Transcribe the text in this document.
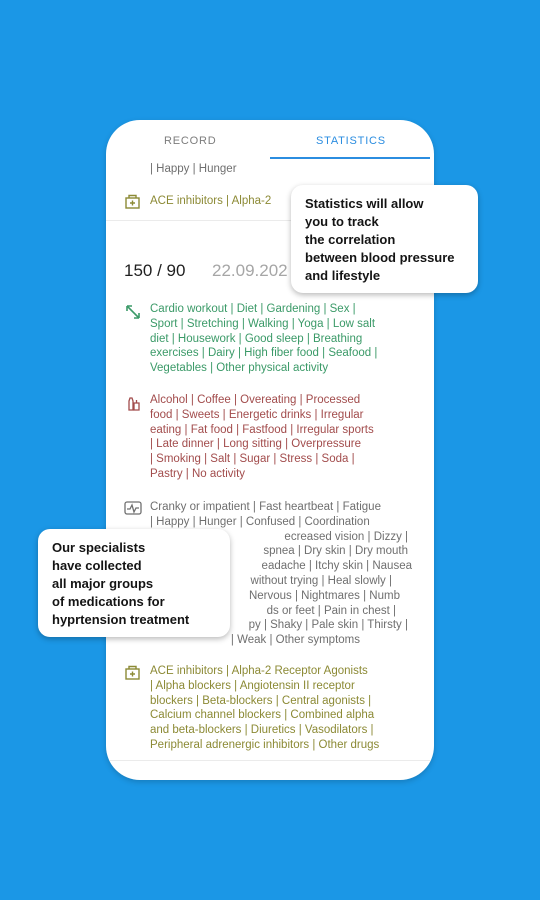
RECORD	STATISTICS
| Happy | Hunger
ACE inhibitors | Alpha-2
150 / 90 22.09.202
Cardio workout | Diet | Gardening | Sex |
Sport | Stretching | Walking | Yoga | Low salt
diet | Housework | Good sleep | Breathing
exercises | Dairy | High fiber food | Seafood |
Vegetables | Other physical activity
Alcohol | Coffee | Overeating | Processed
food | Sweets | Energetic drinks | Irregular
eating | Fat food | Fastfood | Irregular sports
| Late dinner | Long sitting | Overpressure
| Smoking | Salt | Sugar | Stress | Soda |
Pastry | No activity
Cranky or impatient | Fast heartbeat | Fatigue
| Happy | Hunger | Confused | Coordination
ecreased vision | Dizzy |
spnea | Dry skin | Dry mouth
eadache | Itchy skin | Nausea
without trying | Heal slowly |
Nervous | Nightmares | Numb
ds or feet | Pain in chest |
py | Shaky | Pale skin | Thirsty |
| Weak | Other symptoms
ACE inhibitors | Alpha-2 Receptor Agonists
| Alpha blockers | Angiotensin II receptor
blockers | Beta-blockers | Central agonists |
Calcium channel blockers | Combined alpha
and beta-blockers | Diuretics | Vasodilators |
Peripheral adrenergic inhibitors | Other drugs
Statistics will allow
you to track
the correlation
between blood pressure
and lifestyle
Our specialists
have collected
all major groups
of medications for
hyprtension treatment
